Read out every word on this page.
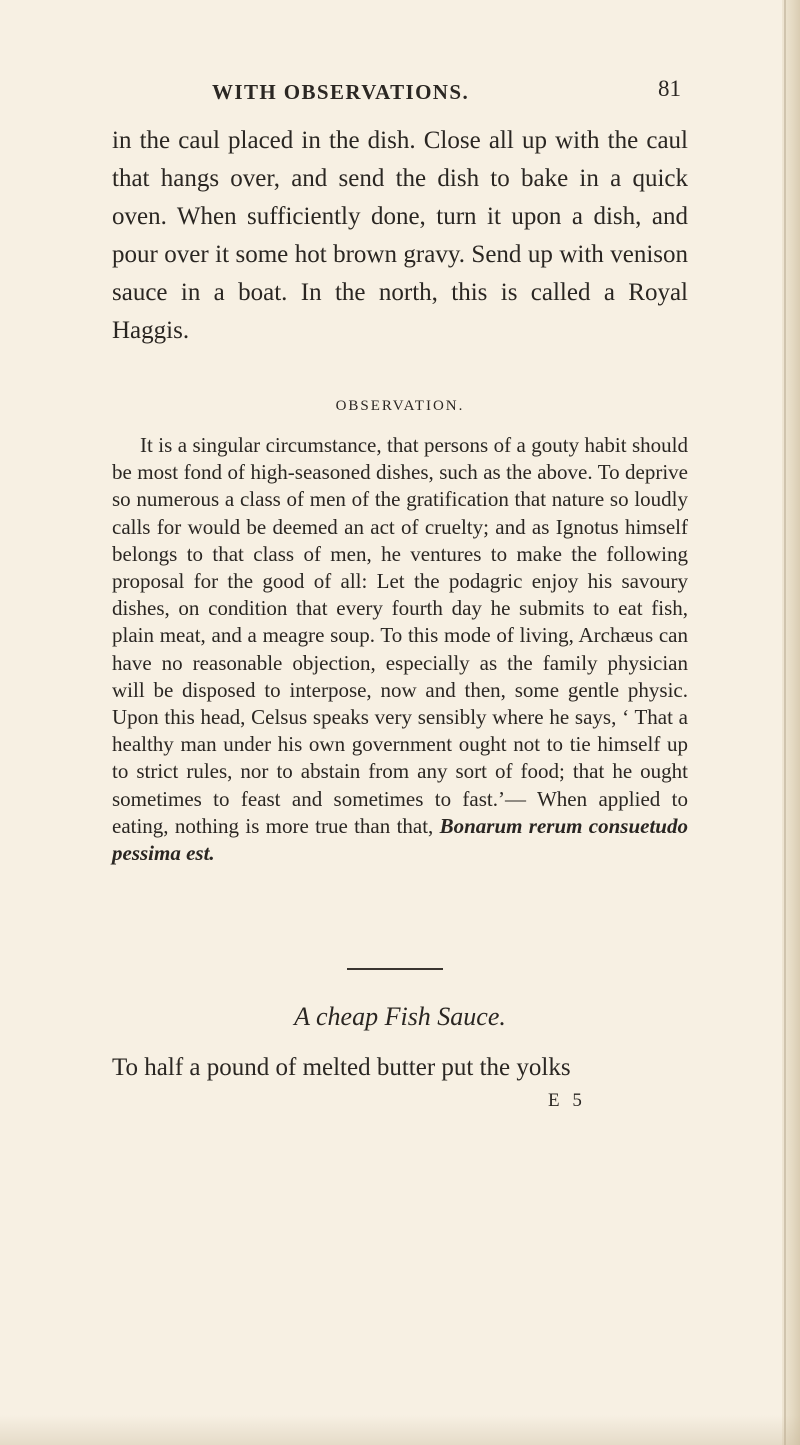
WITH OBSERVATIONS.	81

in the caul placed in the dish. Close all up with the caul that hangs over, and send the dish to bake in a quick oven. When sufficiently done, turn it upon a dish, and pour over it some hot brown gravy. Send up with venison sauce in a boat. In the north, this is called a Royal Haggis.

OBSERVATION.

It is a singular circumstance, that persons of a gouty habit should be most fond of high-seasoned dishes, such as the above. To deprive so numerous a class of men of the gratification that nature so loudly calls for would be deemed an act of cruelty; and as Ignotus himself belongs to that class of men, he ventures to make the following proposal for the good of all: Let the podagric enjoy his savoury dishes, on condition that every fourth day he submits to eat fish, plain meat, and a meagre soup. To this mode of living, Archæus can have no reasonable objection, especially as the family physician will be disposed to interpose, now and then, some gentle physic. Upon this head, Celsus speaks very sensibly where he says, ‘ That a healthy man under his own government ought not to tie himself up to strict rules, nor to abstain from any sort of food; that he ought sometimes to feast and sometimes to fast.’— When applied to eating, nothing is more true than that, Bonarum rerum consuetudo pessima est.

A cheap Fish Sauce.

To half a pound of melted butter put the yolks

E 5
